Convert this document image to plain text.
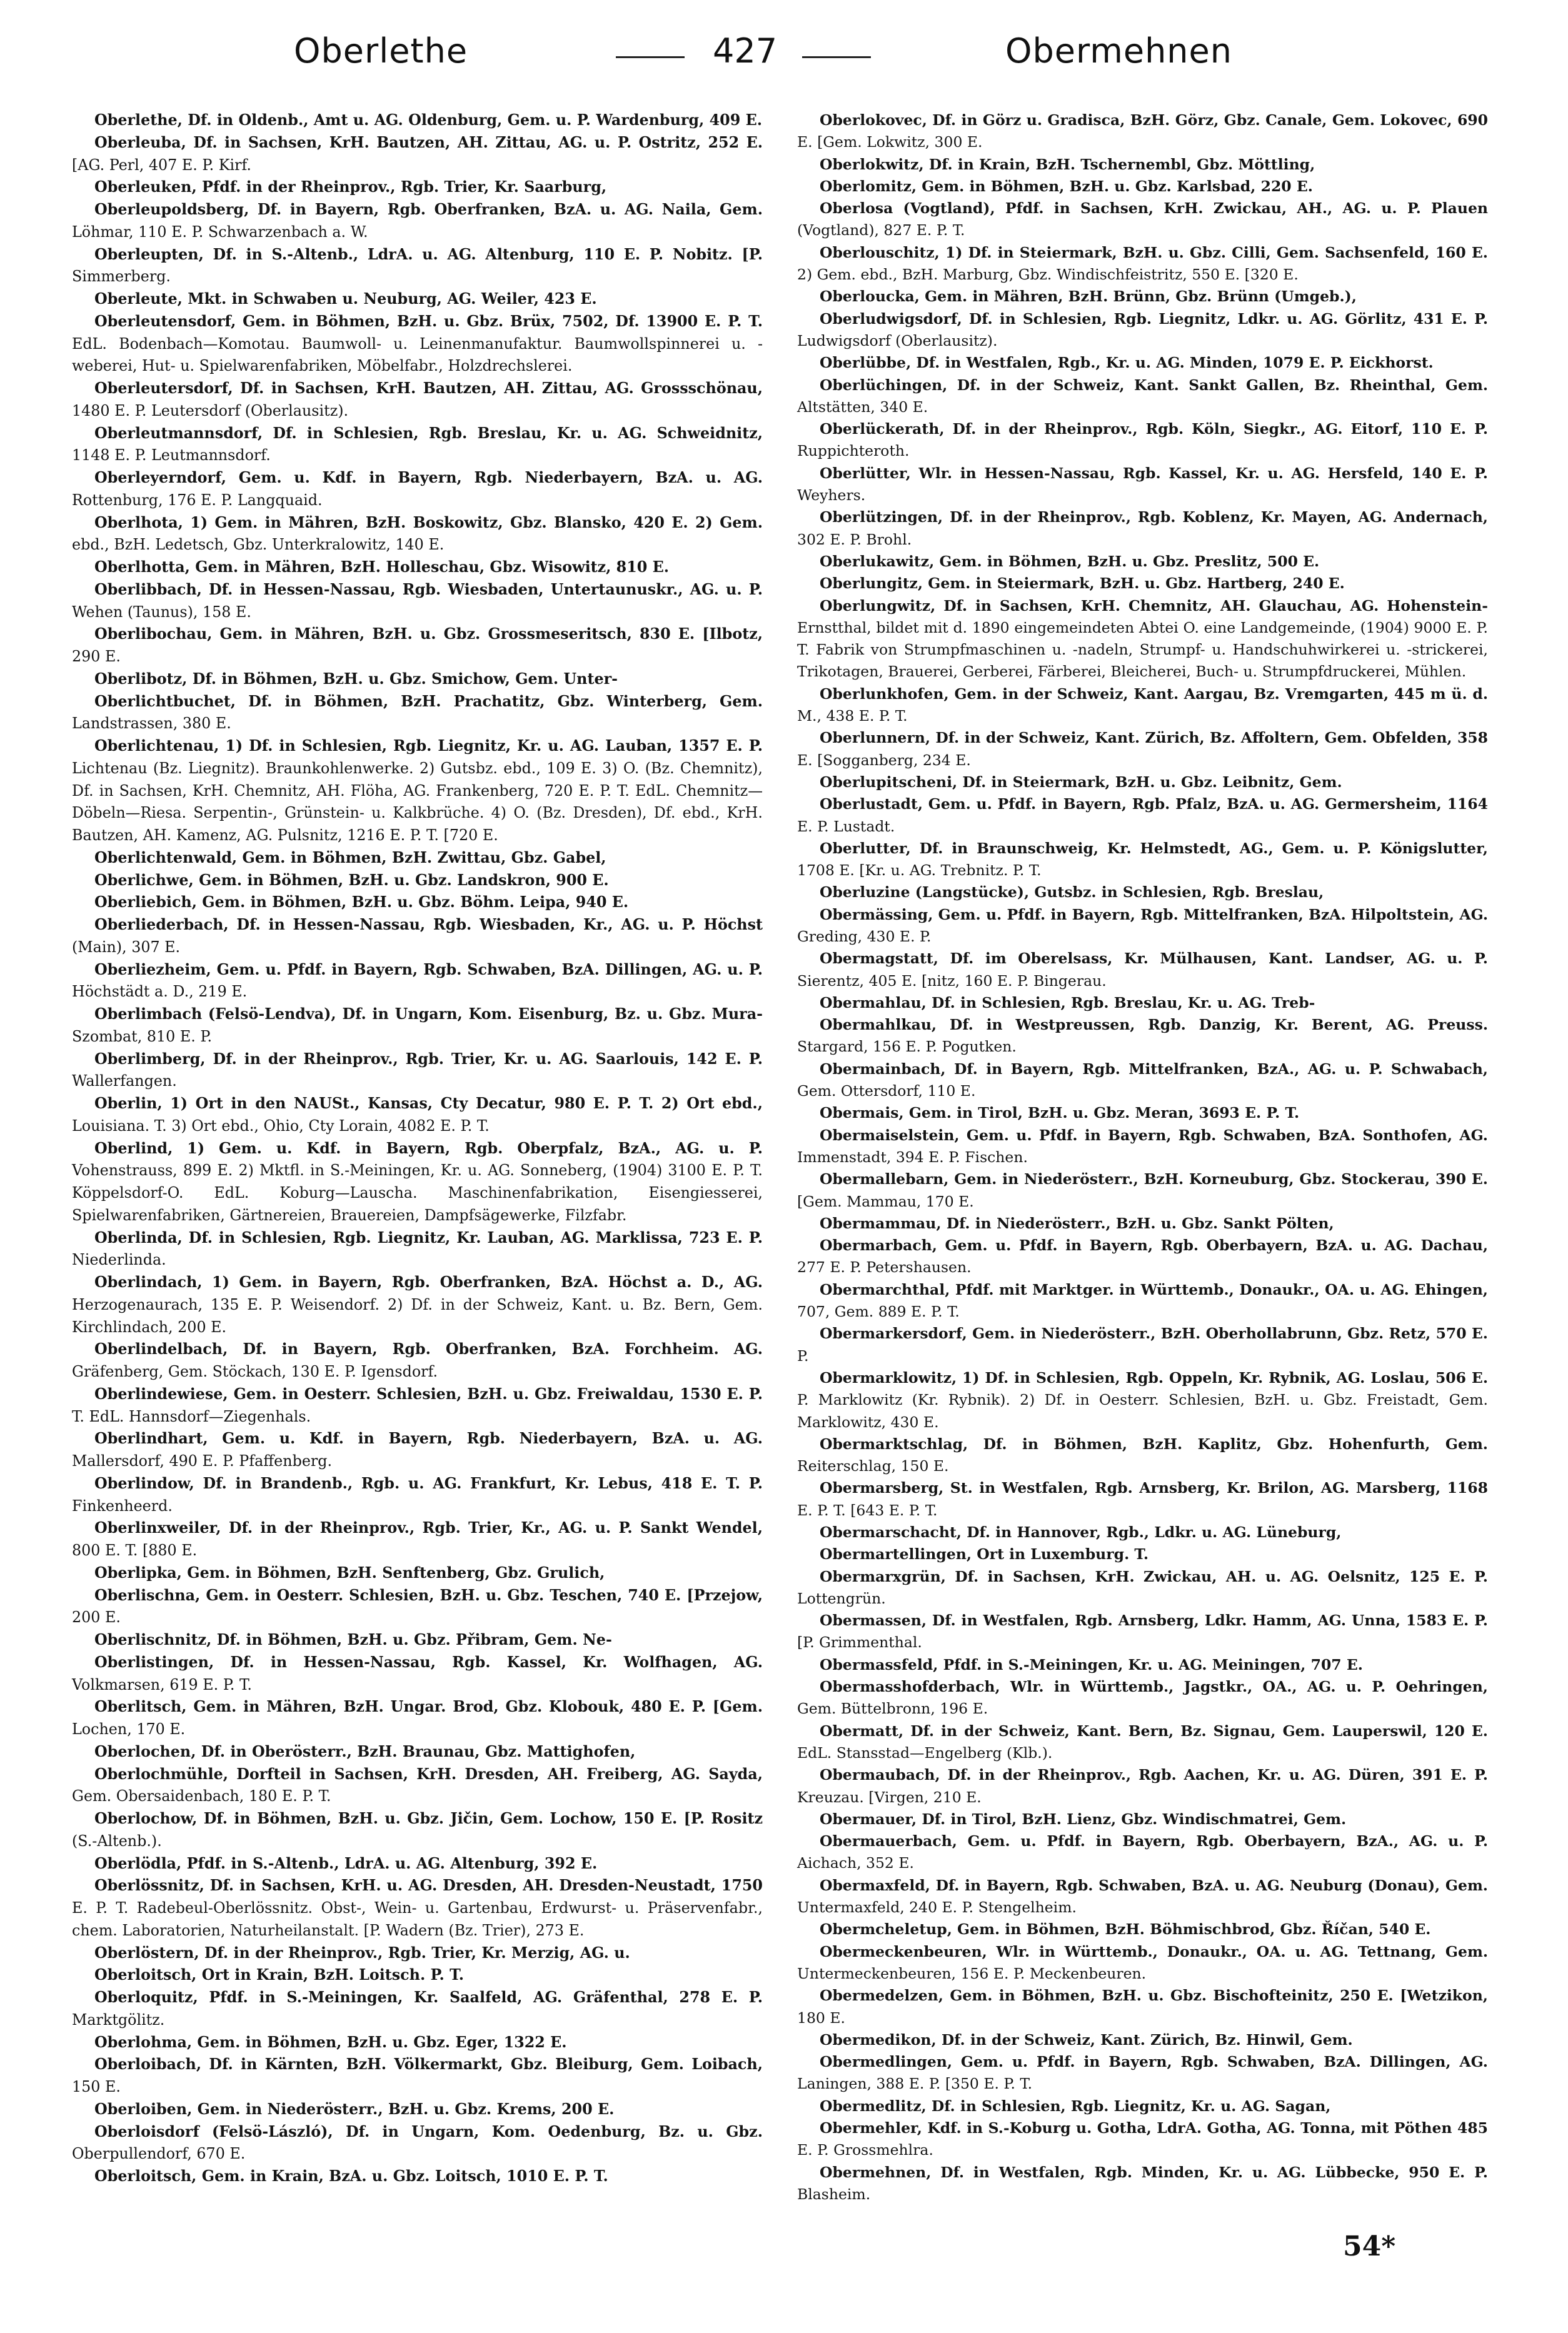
Oberlethe	427	Obermehnen

Oberlethe, Df. in Oldenb., Amt u. AG. Oldenburg, Gem. u. P. Wardenburg, 409 E.

Oberleuba, Df. in Sachsen, KrH. Bautzen, AH. Zittau, AG. u. P. Ostritz, 252 E. [AG. Perl, 407 E. P. Kirf.

Oberleuken, Pfdf. in der Rheinprov., Rgb. Trier, Kr. Saarburg,

Oberleupoldsberg, Df. in Bayern, Rgb. Oberfranken, BzA. u. AG. Naila, Gem. Löhmar, 110 E. P. Schwarzenbach a. W.

Oberleupten, Df. in S.-Altenb., LdrA. u. AG. Altenburg, 110 E. P. Nobitz. [P. Simmerberg.

Oberleute, Mkt. in Schwaben u. Neuburg, AG. Weiler, 423 E.

Oberleutensdorf, Gem. in Böhmen, BzH. u. Gbz. Brüx, 7502, Df. 13900 E. P. T. EdL. Bodenbach—Komotau. Baumwoll- u. Leinenmanufaktur. Baumwollspinnerei u. -weberei, Hut- u. Spielwarenfabriken, Möbelfabr., Holzdrechslerei.

Oberleutersdorf, Df. in Sachsen, KrH. Bautzen, AH. Zittau, AG. Grossschönau, 1480 E. P. Leutersdorf (Oberlausitz).

Oberleutmannsdorf, Df. in Schlesien, Rgb. Breslau, Kr. u. AG. Schweidnitz, 1148 E. P. Leutmannsdorf.

Oberleyerndorf, Gem. u. Kdf. in Bayern, Rgb. Niederbayern, BzA. u. AG. Rottenburg, 176 E. P. Langquaid.

Oberlhota, 1) Gem. in Mähren, BzH. Boskowitz, Gbz. Blansko, 420 E. 2) Gem. ebd., BzH. Ledetsch, Gbz. Unterkralowitz, 140 E.

Oberlhotta, Gem. in Mähren, BzH. Holleschau, Gbz. Wisowitz, 810 E.

Oberlibbach, Df. in Hessen-Nassau, Rgb. Wiesbaden, Untertaunuskr., AG. u. P. Wehen (Taunus), 158 E.

Oberlibochau, Gem. in Mähren, BzH. u. Gbz. Grossmeseritsch, 830 E. [Ilbotz, 290 E.

Oberlibotz, Df. in Böhmen, BzH. u. Gbz. Smichow, Gem. Unter-

Oberlichtbuchet, Df. in Böhmen, BzH. Prachatitz, Gbz. Winterberg, Gem. Landstrassen, 380 E.

Oberlichtenau, 1) Df. in Schlesien, Rgb. Liegnitz, Kr. u. AG. Lauban, 1357 E. P. Lichtenau (Bz. Liegnitz). Braunkohlenwerke. 2) Gutsbz. ebd., 109 E. 3) O. (Bz. Chemnitz), Df. in Sachsen, KrH. Chemnitz, AH. Flöha, AG. Frankenberg, 720 E. P. T. EdL. Chemnitz—Döbeln—Riesa. Serpentin-, Grünstein- u. Kalkbrüche. 4) O. (Bz. Dresden), Df. ebd., KrH. Bautzen, AH. Kamenz, AG. Pulsnitz, 1216 E. P. T. [720 E.

Oberlichtenwald, Gem. in Böhmen, BzH. Zwittau, Gbz. Gabel,

Oberlichwe, Gem. in Böhmen, BzH. u. Gbz. Landskron, 900 E.

Oberliebich, Gem. in Böhmen, BzH. u. Gbz. Böhm. Leipa, 940 E.

Oberliederbach, Df. in Hessen-Nassau, Rgb. Wiesbaden, Kr., AG. u. P. Höchst (Main), 307 E.

Oberliezheim, Gem. u. Pfdf. in Bayern, Rgb. Schwaben, BzA. Dillingen, AG. u. P. Höchstädt a. D., 219 E.

Oberlimbach (Felsö-Lendva), Df. in Ungarn, Kom. Eisenburg, Bz. u. Gbz. Mura-Szombat, 810 E. P.

Oberlimberg, Df. in der Rheinprov., Rgb. Trier, Kr. u. AG. Saarlouis, 142 E. P. Wallerfangen.

Oberlin, 1) Ort in den NAUSt., Kansas, Cty Decatur, 980 E. P. T. 2) Ort ebd., Louisiana. T. 3) Ort ebd., Ohio, Cty Lorain, 4082 E. P. T.

Oberlind, 1) Gem. u. Kdf. in Bayern, Rgb. Oberpfalz, BzA., AG. u. P. Vohenstrauss, 899 E. 2) Mktfl. in S.-Meiningen, Kr. u. AG. Sonneberg, (1904) 3100 E. P. T. Köppelsdorf-O. EdL. Koburg—Lauscha. Maschinenfabrikation, Eisengiesserei, Spielwarenfabriken, Gärtnereien, Brauereien, Dampfsägewerke, Filzfabr.

Oberlinda, Df. in Schlesien, Rgb. Liegnitz, Kr. Lauban, AG. Marklissa, 723 E. P. Niederlinda.

Oberlindach, 1) Gem. in Bayern, Rgb. Oberfranken, BzA. Höchst a. D., AG. Herzogenaurach, 135 E. P. Weisendorf. 2) Df. in der Schweiz, Kant. u. Bz. Bern, Gem. Kirchlindach, 200 E.

Oberlindelbach, Df. in Bayern, Rgb. Oberfranken, BzA. Forchheim. AG. Gräfenberg, Gem. Stöckach, 130 E. P. Igensdorf.

Oberlindewiese, Gem. in Oesterr. Schlesien, BzH. u. Gbz. Freiwaldau, 1530 E. P. T. EdL. Hannsdorf—Ziegenhals.

Oberlindhart, Gem. u. Kdf. in Bayern, Rgb. Niederbayern, BzA. u. AG. Mallersdorf, 490 E. P. Pfaffenberg.

Oberlindow, Df. in Brandenb., Rgb. u. AG. Frankfurt, Kr. Lebus, 418 E. T. P. Finkenheerd.

Oberlinxweiler, Df. in der Rheinprov., Rgb. Trier, Kr., AG. u. P. Sankt Wendel, 800 E. T. [880 E.

Oberlipka, Gem. in Böhmen, BzH. Senftenberg, Gbz. Grulich,

Oberlischna, Gem. in Oesterr. Schlesien, BzH. u. Gbz. Teschen, 740 E. [Przejow, 200 E.

Oberlischnitz, Df. in Böhmen, BzH. u. Gbz. Přibram, Gem. Ne-

Oberlistingen, Df. in Hessen-Nassau, Rgb. Kassel, Kr. Wolfhagen, AG. Volkmarsen, 619 E. P. T.

Oberlitsch, Gem. in Mähren, BzH. Ungar. Brod, Gbz. Klobouk, 480 E. P. [Gem. Lochen, 170 E.

Oberlochen, Df. in Oberösterr., BzH. Braunau, Gbz. Mattighofen,

Oberlochmühle, Dorfteil in Sachsen, KrH. Dresden, AH. Freiberg, AG. Sayda, Gem. Obersaidenbach, 180 E. P. T.

Oberlochow, Df. in Böhmen, BzH. u. Gbz. Jičin, Gem. Lochow, 150 E. [P. Rositz (S.-Altenb.).

Oberlödla, Pfdf. in S.-Altenb., LdrA. u. AG. Altenburg, 392 E.

Oberlössnitz, Df. in Sachsen, KrH. u. AG. Dresden, AH. Dresden-Neustadt, 1750 E. P. T. Radebeul-Oberlössnitz. Obst-, Wein- u. Gartenbau, Erdwurst- u. Präservenfabr., chem. Laboratorien, Naturheilanstalt. [P. Wadern (Bz. Trier), 273 E.

Oberlöstern, Df. in der Rheinprov., Rgb. Trier, Kr. Merzig, AG. u.

Oberloitsch, Ort in Krain, BzH. Loitsch. P. T.

Oberloquitz, Pfdf. in S.-Meiningen, Kr. Saalfeld, AG. Gräfenthal, 278 E. P. Marktgölitz.

Oberlohma, Gem. in Böhmen, BzH. u. Gbz. Eger, 1322 E.

Oberloibach, Df. in Kärnten, BzH. Völkermarkt, Gbz. Bleiburg, Gem. Loibach, 150 E.

Oberloiben, Gem. in Niederösterr., BzH. u. Gbz. Krems, 200 E.

Oberloisdorf (Felsö-László), Df. in Ungarn, Kom. Oedenburg, Bz. u. Gbz. Oberpullendorf, 670 E.

Oberloitsch, Gem. in Krain, BzA. u. Gbz. Loitsch, 1010 E. P. T.

Oberlokovec, Df. in Görz u. Gradisca, BzH. Görz, Gbz. Canale, Gem. Lokovec, 690 E. [Gem. Lokwitz, 300 E.

Oberlokwitz, Df. in Krain, BzH. Tschernembl, Gbz. Möttling,

Oberlomitz, Gem. in Böhmen, BzH. u. Gbz. Karlsbad, 220 E.

Oberlosa (Vogtland), Pfdf. in Sachsen, KrH. Zwickau, AH., AG. u. P. Plauen (Vogtland), 827 E. P. T.

Oberlouschitz, 1) Df. in Steiermark, BzH. u. Gbz. Cilli, Gem. Sachsenfeld, 160 E. 2) Gem. ebd., BzH. Marburg, Gbz. Windischfeistritz, 550 E. [320 E.

Oberloucka, Gem. in Mähren, BzH. Brünn, Gbz. Brünn (Umgeb.),

Oberludwigsdorf, Df. in Schlesien, Rgb. Liegnitz, Ldkr. u. AG. Görlitz, 431 E. P. Ludwigsdorf (Oberlausitz).

Oberlübbe, Df. in Westfalen, Rgb., Kr. u. AG. Minden, 1079 E. P. Eickhorst.

Oberlüchingen, Df. in der Schweiz, Kant. Sankt Gallen, Bz. Rheinthal, Gem. Altstätten, 340 E.

Oberlückerath, Df. in der Rheinprov., Rgb. Köln, Siegkr., AG. Eitorf, 110 E. P. Ruppichteroth.

Oberlütter, Wlr. in Hessen-Nassau, Rgb. Kassel, Kr. u. AG. Hersfeld, 140 E. P. Weyhers.

Oberlützingen, Df. in der Rheinprov., Rgb. Koblenz, Kr. Mayen, AG. Andernach, 302 E. P. Brohl.

Oberlukawitz, Gem. in Böhmen, BzH. u. Gbz. Preslitz, 500 E.

Oberlungitz, Gem. in Steiermark, BzH. u. Gbz. Hartberg, 240 E.

Oberlungwitz, Df. in Sachsen, KrH. Chemnitz, AH. Glauchau, AG. Hohenstein-Ernstthal, bildet mit d. 1890 eingemeindeten Abtei O. eine Landgemeinde, (1904) 9000 E. P. T. Fabrik von Strumpfmaschinen u. -nadeln, Strumpf- u. Handschuhwirkerei u. -strickerei, Trikotagen, Brauerei, Gerberei, Färberei, Bleicherei, Buch- u. Strumpfdruckerei, Mühlen.

Oberlunkhofen, Gem. in der Schweiz, Kant. Aargau, Bz. Vremgarten, 445 m ü. d. M., 438 E. P. T.

Oberlunnern, Df. in der Schweiz, Kant. Zürich, Bz. Affoltern, Gem. Obfelden, 358 E. [Sogganberg, 234 E.

Oberlupitscheni, Df. in Steiermark, BzH. u. Gbz. Leibnitz, Gem.

Oberlustadt, Gem. u. Pfdf. in Bayern, Rgb. Pfalz, BzA. u. AG. Germersheim, 1164 E. P. Lustadt.

Oberlutter, Df. in Braunschweig, Kr. Helmstedt, AG., Gem. u. P. Königslutter, 1708 E. [Kr. u. AG. Trebnitz. P. T.

Oberluzine (Langstücke), Gutsbz. in Schlesien, Rgb. Breslau,

Obermässing, Gem. u. Pfdf. in Bayern, Rgb. Mittelfranken, BzA. Hilpoltstein, AG. Greding, 430 E. P.

Obermagstatt, Df. im Oberelsass, Kr. Mülhausen, Kant. Landser, AG. u. P. Sierentz, 405 E. [nitz, 160 E. P. Bingerau.

Obermahlau, Df. in Schlesien, Rgb. Breslau, Kr. u. AG. Treb-

Obermahlkau, Df. in Westpreussen, Rgb. Danzig, Kr. Berent, AG. Preuss. Stargard, 156 E. P. Pogutken.

Obermainbach, Df. in Bayern, Rgb. Mittelfranken, BzA., AG. u. P. Schwabach, Gem. Ottersdorf, 110 E.

Obermais, Gem. in Tirol, BzH. u. Gbz. Meran, 3693 E. P. T.

Obermaiselstein, Gem. u. Pfdf. in Bayern, Rgb. Schwaben, BzA. Sonthofen, AG. Immenstadt, 394 E. P. Fischen.

Obermallebarn, Gem. in Niederösterr., BzH. Korneuburg, Gbz. Stockerau, 390 E. [Gem. Mammau, 170 E.

Obermammau, Df. in Niederösterr., BzH. u. Gbz. Sankt Pölten,

Obermarbach, Gem. u. Pfdf. in Bayern, Rgb. Oberbayern, BzA. u. AG. Dachau, 277 E. P. Petershausen.

Obermarchthal, Pfdf. mit Marktger. in Württemb., Donaukr., OA. u. AG. Ehingen, 707, Gem. 889 E. P. T.

Obermarkersdorf, Gem. in Niederösterr., BzH. Oberhollabrunn, Gbz. Retz, 570 E. P.

Obermarklowitz, 1) Df. in Schlesien, Rgb. Oppeln, Kr. Rybnik, AG. Loslau, 506 E. P. Marklowitz (Kr. Rybnik). 2) Df. in Oesterr. Schlesien, BzH. u. Gbz. Freistadt, Gem. Marklowitz, 430 E.

Obermarktschlag, Df. in Böhmen, BzH. Kaplitz, Gbz. Hohenfurth, Gem. Reiterschlag, 150 E.

Obermarsberg, St. in Westfalen, Rgb. Arnsberg, Kr. Brilon, AG. Marsberg, 1168 E. P. T. [643 E. P. T.

Obermarschacht, Df. in Hannover, Rgb., Ldkr. u. AG. Lüneburg,

Obermartellingen, Ort in Luxemburg. T.

Obermarxgrün, Df. in Sachsen, KrH. Zwickau, AH. u. AG. Oelsnitz, 125 E. P. Lottengrün.

Obermassen, Df. in Westfalen, Rgb. Arnsberg, Ldkr. Hamm, AG. Unna, 1583 E. P. [P. Grimmenthal.

Obermassfeld, Pfdf. in S.-Meiningen, Kr. u. AG. Meiningen, 707 E.

Obermasshofderbach, Wlr. in Württemb., Jagstkr., OA., AG. u. P. Oehringen, Gem. Büttelbronn, 196 E.

Obermatt, Df. in der Schweiz, Kant. Bern, Bz. Signau, Gem. Lauperswil, 120 E. EdL. Stansstad—Engelberg (Klb.).

Obermaubach, Df. in der Rheinprov., Rgb. Aachen, Kr. u. AG. Düren, 391 E. P. Kreuzau. [Virgen, 210 E.

Obermauer, Df. in Tirol, BzH. Lienz, Gbz. Windischmatrei, Gem.

Obermauerbach, Gem. u. Pfdf. in Bayern, Rgb. Oberbayern, BzA., AG. u. P. Aichach, 352 E.

Obermaxfeld, Df. in Bayern, Rgb. Schwaben, BzA. u. AG. Neuburg (Donau), Gem. Untermaxfeld, 240 E. P. Stengelheim.

Obermcheletup, Gem. in Böhmen, BzH. Böhmischbrod, Gbz. Říčan, 540 E.

Obermeckenbeuren, Wlr. in Württemb., Donaukr., OA. u. AG. Tettnang, Gem. Untermeckenbeuren, 156 E. P. Meckenbeuren.

Obermedelzen, Gem. in Böhmen, BzH. u. Gbz. Bischofteinitz, 250 E. [Wetzikon, 180 E.

Obermedikon, Df. in der Schweiz, Kant. Zürich, Bz. Hinwil, Gem.

Obermedlingen, Gem. u. Pfdf. in Bayern, Rgb. Schwaben, BzA. Dillingen, AG. Laningen, 388 E. P. [350 E. P. T.

Obermedlitz, Df. in Schlesien, Rgb. Liegnitz, Kr. u. AG. Sagan,

Obermehler, Kdf. in S.-Koburg u. Gotha, LdrA. Gotha, AG. Tonna, mit Pöthen 485 E. P. Grossmehlra.

Obermehnen, Df. in Westfalen, Rgb. Minden, Kr. u. AG. Lübbecke, 950 E. P. Blasheim.

54*
